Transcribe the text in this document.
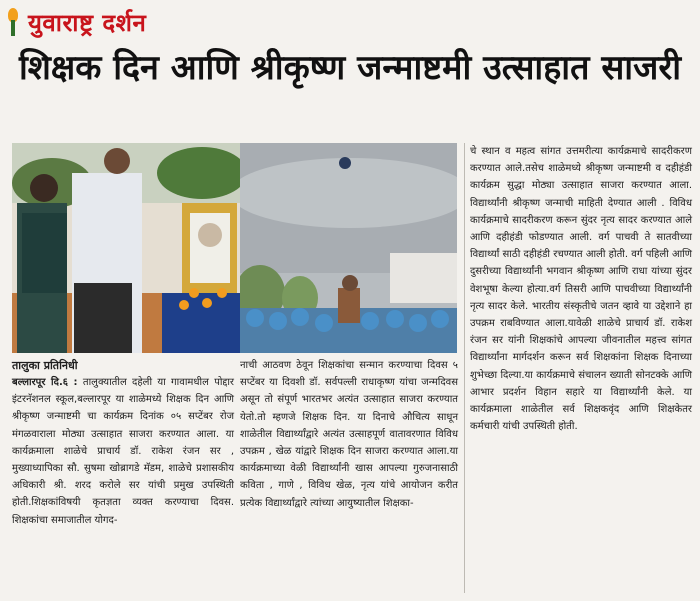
युवाराष्ट्र दर्शन
शिक्षक दिन आणि श्रीकृष्ण जन्माष्टमी उत्साहात साजरी
तालुका प्रतिनिधी
बल्लारपूर दि.६ : तालुक्यातील दहेली या गावामधील पोद्दार इंटरनॅशनल स्कूल,बल्लारपूर या शाळेमध्ये शिक्षक दिन आणि श्रीकृष्ण जन्माष्टमी चा कार्यक्रम दिनांक ०५ सप्टेंबर रोज मंगळवाराला मोठ्या उत्साहात साजरा करण्यात आला. या कार्यक्रमाला शाळेचे प्राचार्य डॉ. राकेश रंजन सर , मुख्याध्यापिका सौ. सुषमा खोब्रागडे मॅडम, शाळेचे प्रशासकीय अधिकारी श्री. शरद करोले सर यांची प्रमुख उपस्थिती होती.शिक्षकांविषयी कृतज्ञता व्यक्त करण्याचा दिवस. शिक्षकांचा समाजातील योगद-
नाची आठवण ठेवून शिक्षकांचा सन्मान करण्याचा दिवस ५ सप्टेंबर या दिवशी डॉ. सर्वपल्ली राधाकृष्ण यांचा जन्मदिवस असून तो संपूर्ण भारतभर अत्यंत उत्साहात साजरा करण्यात येतो.तो म्हणजे शिक्षक दिन. या दिनाचे औचित्य साधून शाळेतील विद्यार्थ्यांद्वारे अत्यंत उत्साहपूर्ण वातावरणात विविध उपक्रम , खेळ यांद्वारे शिक्षक दिन साजरा करण्यात आला.या कार्यक्रमाच्या वेळी विद्यार्थ्यांनी खास आपल्या गुरुजनासाठी कविता , गाणे , विविध खेळ, नृत्य यांचे आयोजन करीत प्रत्येक विद्यार्थ्यांद्वारे त्यांच्या आयुष्यातील शिक्षका-
चे स्थान व महत्व सांगत उत्तमरीत्या कार्यक्रमाचे सादरीकरण करण्यात आले.तसेच शाळेमध्ये श्रीकृष्ण जन्माष्टमी व दहीहंडी कार्यक्रम सुद्धा मोठ्या उत्साहात साजरा करण्यात आला. विद्यार्थ्यांनी श्रीकृष्ण जन्माची माहिती देण्यात आली . विविध कार्यक्रमाचे सादरीकरण करून सुंदर नृत्य सादर करण्यात आले आणि दहीहंडी फोडण्यात आली. वर्ग पाचवी ते सातवीच्या विद्यार्थ्यां साठी दहीहंडी रचण्यात आली होती. वर्ग पहिली आणि दुसरीच्या विद्यार्थ्यांनी भगवान श्रीकृष्ण आणि राधा यांच्या सुंदर वेशभूषा केल्या होत्या.वर्ग तिसरी आणि पाचवीच्या विद्यार्थ्यांनी नृत्य सादर केले. भारतीय संस्कृतीचे जतन व्हावे या उद्देशाने हा उपक्रम राबविण्यात आला.यावेळी शाळेचे प्राचार्य डॉ. राकेश रंजन सर यांनी शिक्षकांचे आपल्या जीवनातील महत्त्व सांगत विद्यार्थ्यांना मार्गदर्शन करून सर्व शिक्षकांना शिक्षक दिनाच्या शुभेच्छा दिल्या.या कार्यक्रमाचे संचालन ख्याती सोनटक्के आणि आभार प्रदर्शन विहान सहारे या विद्यार्थ्यांनी केले. या कार्यक्रमाला शाळेतील सर्व शिक्षकवृंद आणि शिक्षकेतर कर्मचारी यांची उपस्थिती होती.
